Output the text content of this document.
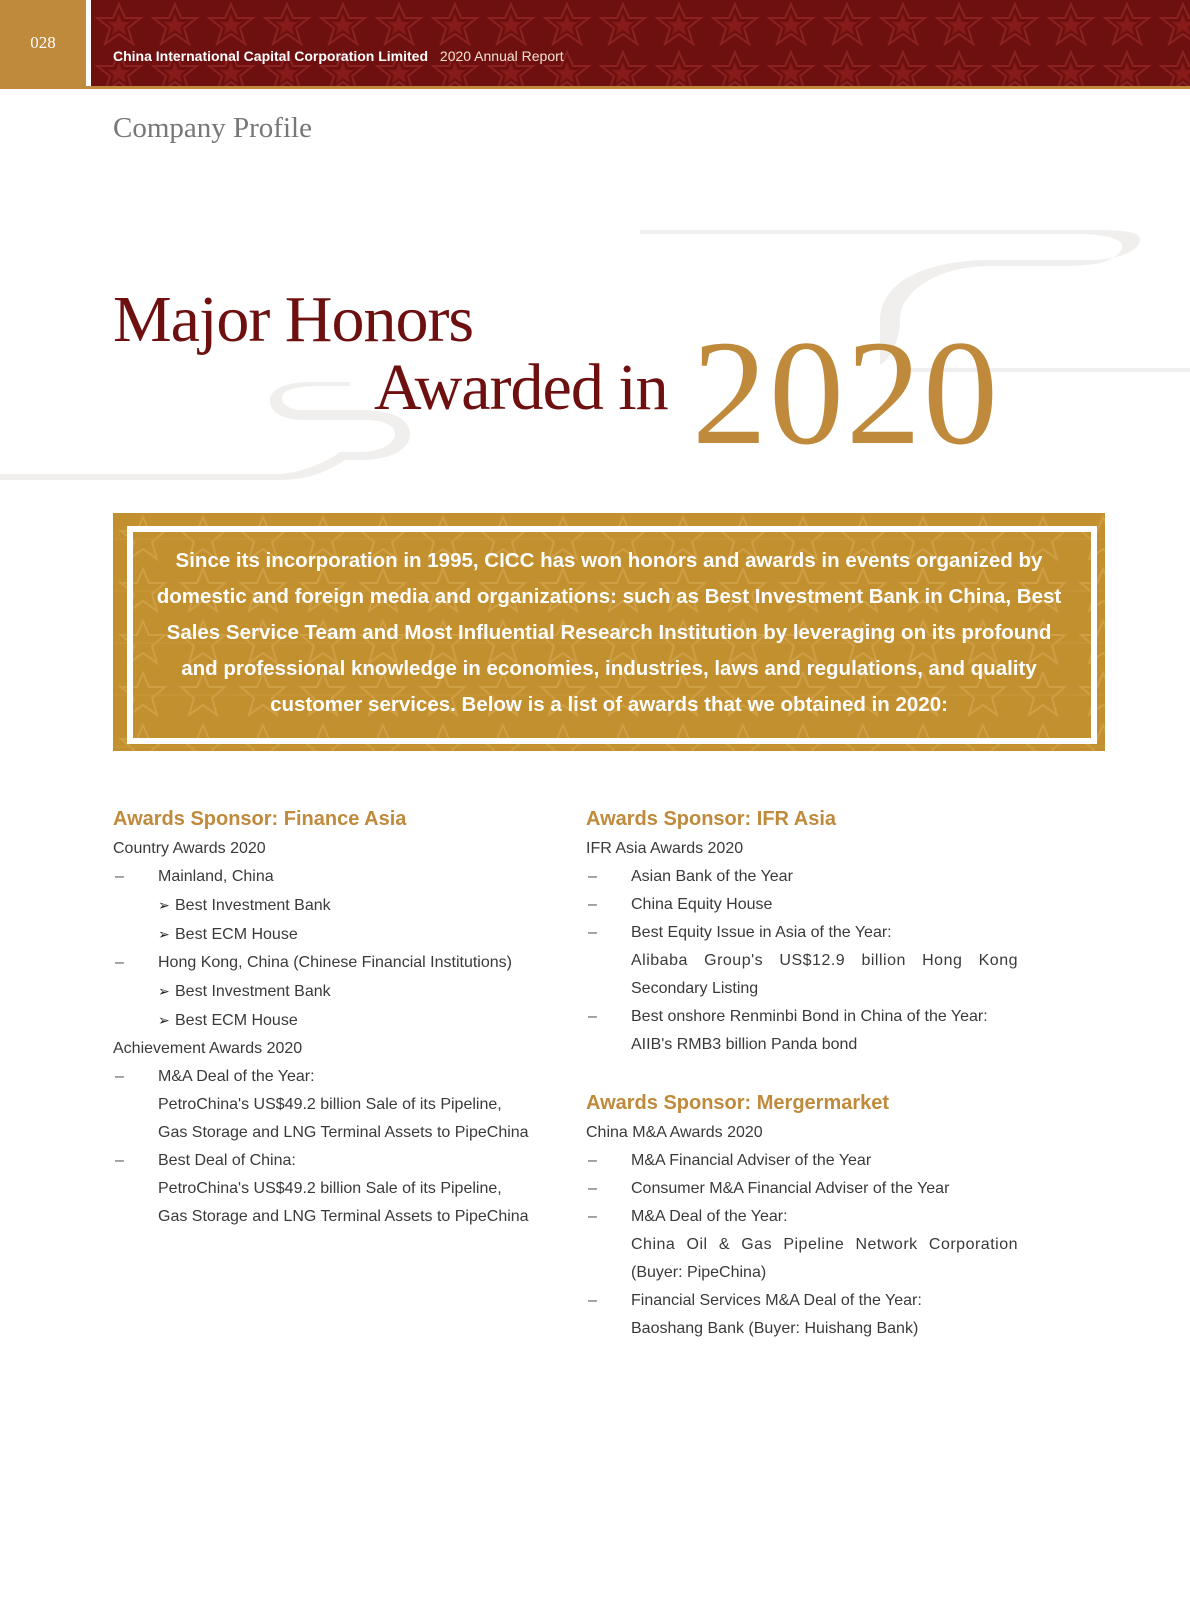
028
China International Capital Corporation Limited 2020 Annual Report
Company Profile
Major Honors
Awarded in 2020
Since its incorporation in 1995, CICC has won honors and awards in events organized by domestic and foreign media and organizations: such as Best Investment Bank in China, Best Sales Service Team and Most Influential Research Institution by leveraging on its profound and professional knowledge in economies, industries, laws and regulations, and quality customer services. Below is a list of awards that we obtained in 2020:
Awards Sponsor: Finance Asia
Country Awards 2020
– Mainland, China
➢ Best Investment Bank
➢ Best ECM House
– Hong Kong, China (Chinese Financial Institutions)
➢ Best Investment Bank
➢ Best ECM House
Achievement Awards 2020
– M&A Deal of the Year:
PetroChina's US$49.2 billion Sale of its Pipeline,
Gas Storage and LNG Terminal Assets to PipeChina
– Best Deal of China:
PetroChina's US$49.2 billion Sale of its Pipeline,
Gas Storage and LNG Terminal Assets to PipeChina
Awards Sponsor: IFR Asia
IFR Asia Awards 2020
– Asian Bank of the Year
– China Equity House
– Best Equity Issue in Asia of the Year:
Alibaba Group's US$12.9 billion Hong Kong
Secondary Listing
– Best onshore Renminbi Bond in China of the Year:
AIIB's RMB3 billion Panda bond
Awards Sponsor: Mergermarket
China M&A Awards 2020
– M&A Financial Adviser of the Year
– Consumer M&A Financial Adviser of the Year
– M&A Deal of the Year:
China Oil & Gas Pipeline Network Corporation
(Buyer: PipeChina)
– Financial Services M&A Deal of the Year:
Baoshang Bank (Buyer: Huishang Bank)
